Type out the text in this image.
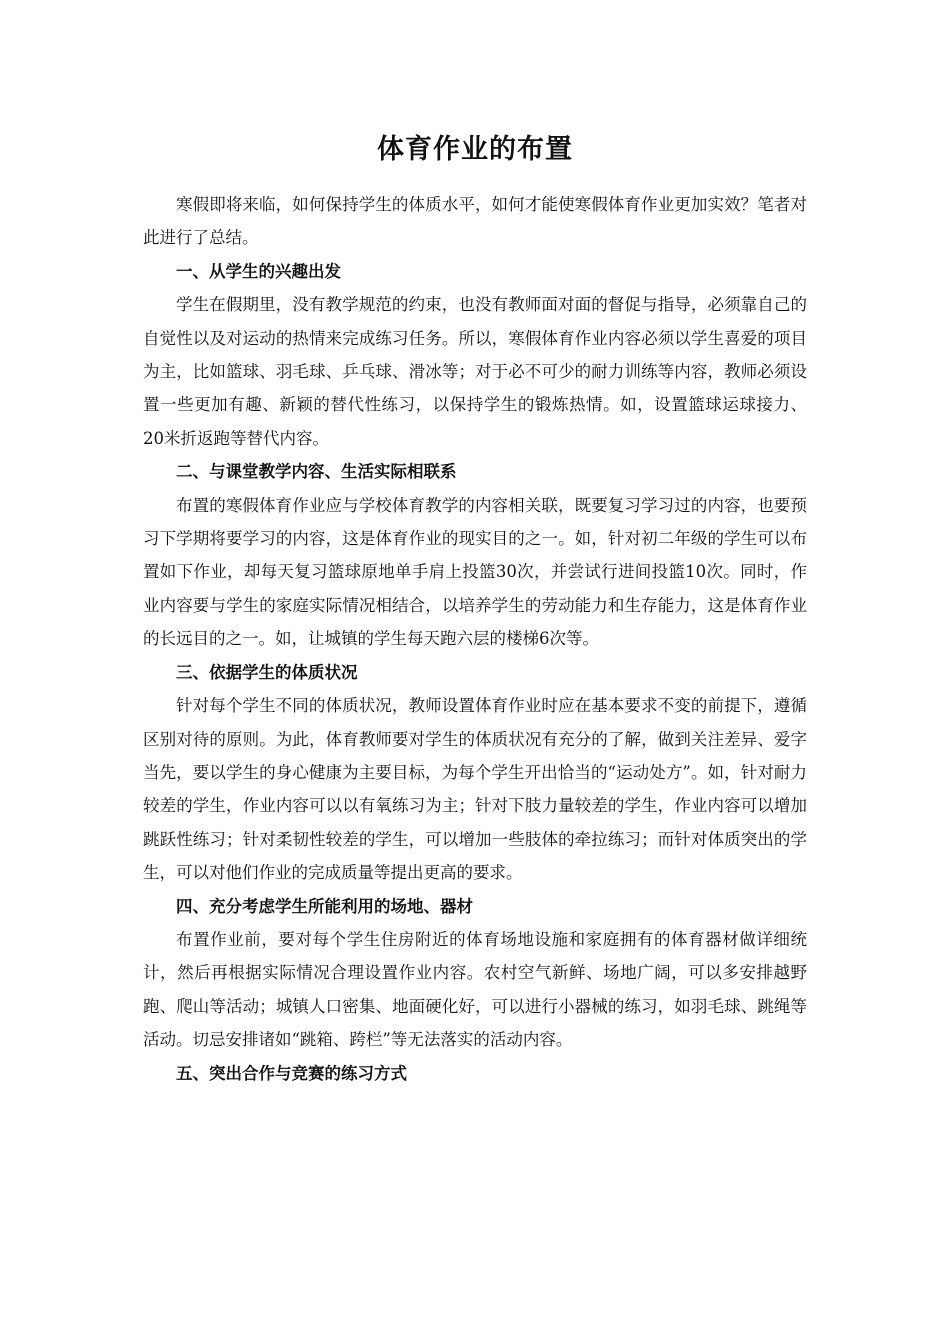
体育作业的布置

寒假即将来临，如何保持学生的体质水平，如何才能使寒假体育作业更加实效？笔者对此进行了总结。

一、从学生的兴趣出发

学生在假期里，没有教学规范的约束，也没有教师面对面的督促与指导，必须靠自己的自觉性以及对运动的热情来完成练习任务。所以，寒假体育作业内容必须以学生喜爱的项目为主，比如篮球、羽毛球、乒乓球、滑冰等；对于必不可少的耐力训练等内容，教师必须设置一些更加有趣、新颖的替代性练习，以保持学生的锻炼热情。如，设置篮球运球接力、20米折返跑等替代内容。

二、与课堂教学内容、生活实际相联系

布置的寒假体育作业应与学校体育教学的内容相关联，既要复习学习过的内容，也要预习下学期将要学习的内容，这是体育作业的现实目的之一。如，针对初二年级的学生可以布置如下作业，却每天复习篮球原地单手肩上投篮30次，并尝试行进间投篮10次。同时，作业内容要与学生的家庭实际情况相结合，以培养学生的劳动能力和生存能力，这是体育作业的长远目的之一。如，让城镇的学生每天跑六层的楼梯6次等。

三、依据学生的体质状况

针对每个学生不同的体质状况，教师设置体育作业时应在基本要求不变的前提下，遵循区别对待的原则。为此，体育教师要对学生的体质状况有充分的了解，做到关注差异、爱字当先，要以学生的身心健康为主要目标，为每个学生开出恰当的“运动处方”。如，针对耐力较差的学生，作业内容可以以有氧练习为主；针对下肢力量较差的学生，作业内容可以增加跳跃性练习；针对柔韧性较差的学生，可以增加一些肢体的牵拉练习；而针对体质突出的学生，可以对他们作业的完成质量等提出更高的要求。

四、充分考虑学生所能利用的场地、器材

布置作业前，要对每个学生住房附近的体育场地设施和家庭拥有的体育器材做详细统计，然后再根据实际情况合理设置作业内容。农村空气新鲜、场地广阔，可以多安排越野跑、爬山等活动；城镇人口密集、地面硬化好，可以进行小器械的练习，如羽毛球、跳绳等活动。切忌安排诸如“跳箱、跨栏”等无法落实的活动内容。

五、突出合作与竞赛的练习方式
